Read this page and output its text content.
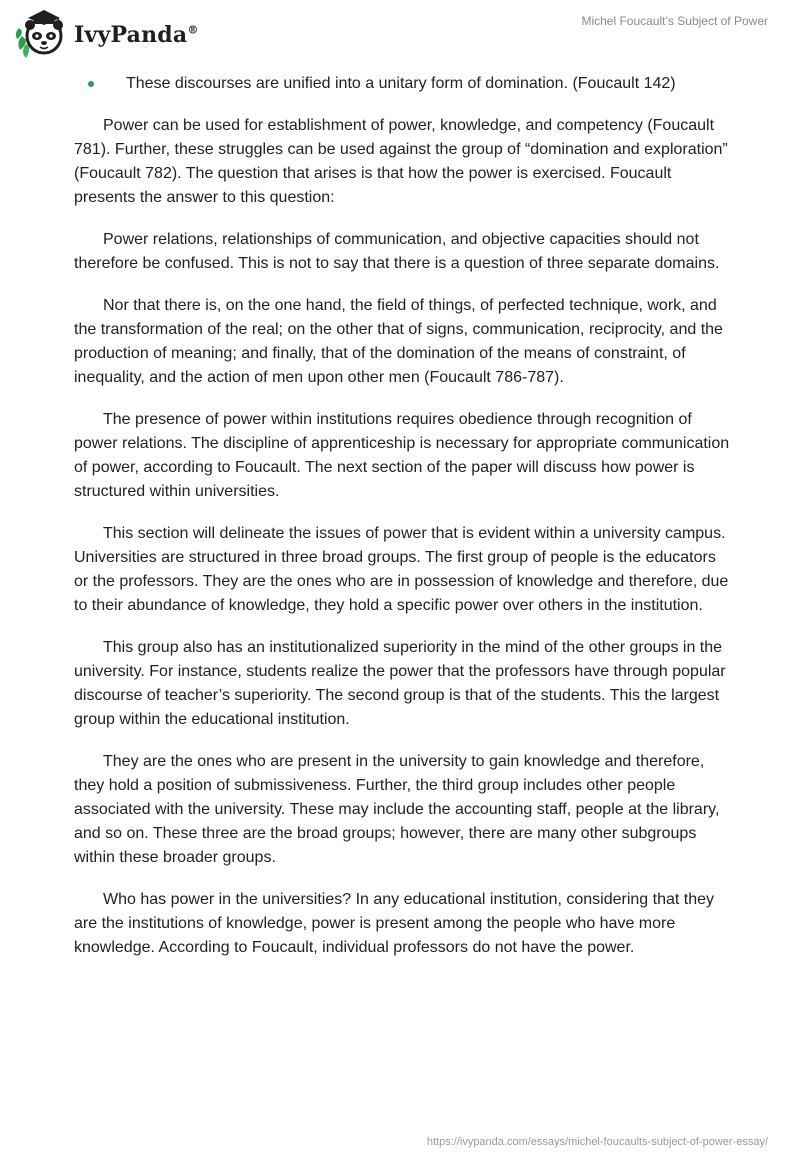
IvyPanda®
Michel Foucault’s Subject of Power
These discourses are unified into a unitary form of domination. (Foucault 142)

Power can be used for establishment of power, knowledge, and competency (Foucault 781). Further, these struggles can be used against the group of “domination and exploration” (Foucault 782). The question that arises is that how the power is exercised. Foucault presents the answer to this question:

Power relations, relationships of communication, and objective capacities should not therefore be confused. This is not to say that there is a question of three separate domains.

Nor that there is, on the one hand, the field of things, of perfected technique, work, and the transformation of the real; on the other that of signs, communication, reciprocity, and the production of meaning; and finally, that of the domination of the means of constraint, of inequality, and the action of men upon other men (Foucault 786-787).

The presence of power within institutions requires obedience through recognition of power relations. The discipline of apprenticeship is necessary for appropriate communication of power, according to Foucault. The next section of the paper will discuss how power is structured within universities.

This section will delineate the issues of power that is evident within a university campus. Universities are structured in three broad groups. The first group of people is the educators or the professors. They are the ones who are in possession of knowledge and therefore, due to their abundance of knowledge, they hold a specific power over others in the institution.

This group also has an institutionalized superiority in the mind of the other groups in the university. For instance, students realize the power that the professors have through popular discourse of teacher’s superiority. The second group is that of the students. This the largest group within the educational institution.

They are the ones who are present in the university to gain knowledge and therefore, they hold a position of submissiveness. Further, the third group includes other people associated with the university. These may include the accounting staff, people at the library, and so on. These three are the broad groups; however, there are many other subgroups within these broader groups.

Who has power in the universities? In any educational institution, considering that they are the institutions of knowledge, power is present among the people who have more knowledge. According to Foucault, individual professors do not have the power.

https://ivypanda.com/essays/michel-foucaults-subject-of-power-essay/
